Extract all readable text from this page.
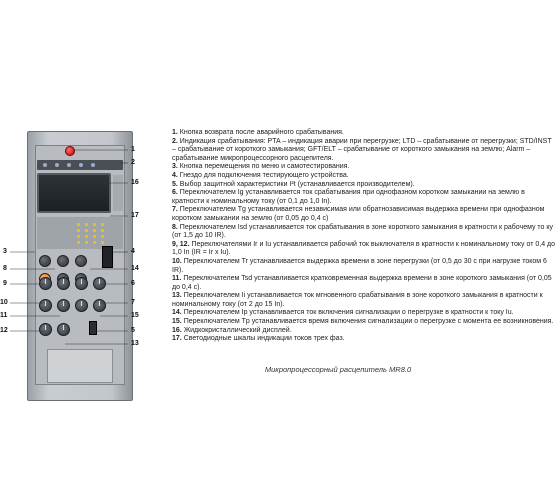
1
2
16
17
3	4
8	14
9	6
10	7
11	15
12	5
13
1. Кнопка возврата после аварийного срабатывания.
2. Индикация срабатывания: PTA – индикация аварии при перегрузке; LTD – срабатывание от перегрузки; STD/INST – срабатывание от короткого замыкания; GFT/ELT – срабатывание от короткого замыкания на землю; Alarm – срабатывание микропроцессорного расцепителя.
3. Кнопка перемещения по меню и самотестирования.
4. Гнездо для подключения тестирующего устройства.
5. Выбор защитной характеристики I²t (устанавливается производителем).
6. Переключателем Ig устанавливается ток срабатывания при однофазном коротком замыкании на землю в кратности к номинальному току (от 0,1 до 1,0 In).
7. Переключателем Tg устанавливается независимая или обратнозависимая выдержка времени при однофазном коротком замыкании на землю (от 0,05 до 0,4 с)
8. Переключателем Isd устанавливается ток срабатывания в зоне короткого замыкания в кратности к рабочему то ку (от 1,5 до 10 IR).
9, 12. Переключателями Ir и Iu устанавливается рабочий ток выключателя в кратности к номинальному току от 0,4 до 1,0 In (IR = Ir x Iu).
10. Переключателем Tr устанавливается выдержка времени в зоне перегрузки (от 0,5 до 30 с при нагрузке током 6 IR).
11. Переключателем Tsd устанавливается кратковременная выдержка времени в зоне короткого замыкания (от 0,05 до 0,4 с).
13. Переключателем Ii устанавливается ток мгновенного срабатывания в зоне короткого замыкания в кратности к номинальному току (от 2 до 15 In).
14. Переключателем Ip устанавливается ток включения сигнализации о перегрузке в кратности к току Iu.
15. Переключателем Tp устанавливается время включения сигнализации о перегрузке с момента ее возникновения.
16. Жидкокристаллический дисплей.
17. Светодиодные шкалы индикации токов трех фаз.
Микропроцессорный расцепитель MR8.0
